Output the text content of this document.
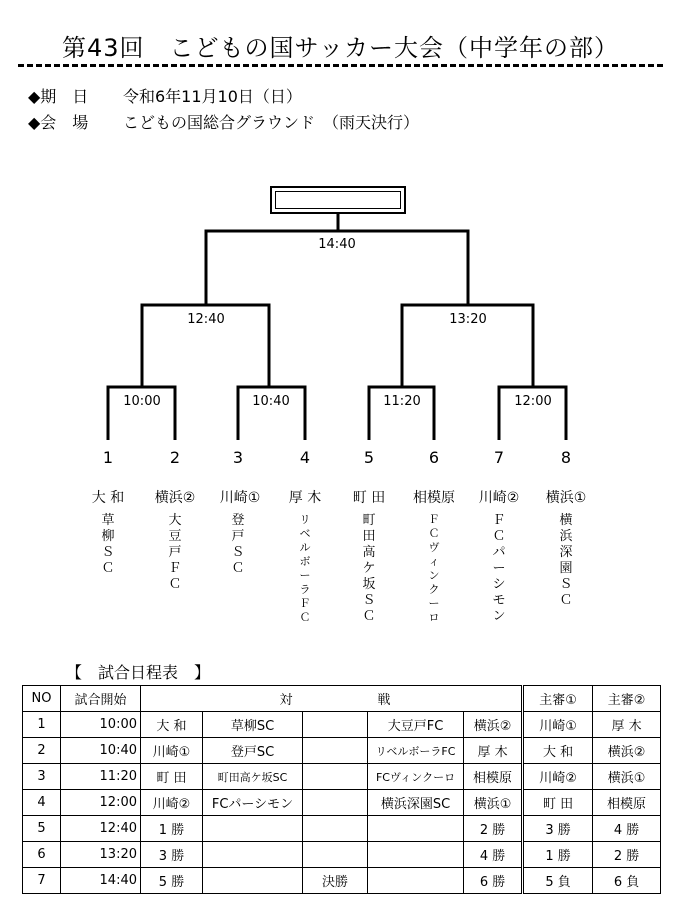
第43回　こどもの国サッカー大会（中学年の部）
◆期　日 令和6年11月10日（日）
◆会　場 こどもの国総合グラウンド　（雨天決行）
14:40
12:40	13:20
10:00	10:40	11:20	12:00
1	2	3	4	5	6	7	8
大 和 横浜② 川崎① 厚 木 町 田 相模原 川崎② 横浜①
草柳ＳＣ
大豆戸ＦＣ
登戸ＳＣ
リベルボーラＦＣ
町田高ケ坂ＳＣ
ＦＣヴィンクーロ
ＦＣパーシモン
横浜深園ＳＣ
【　試合日程表　】
NO	試合開始	対			戦		主審①	主審②
1	10:00	大 和	草柳SC		大豆戸FC	横浜②	川崎①	厚 木
2	10:40	川崎①	登戸SC		リベルボーラFC	厚 木	大 和	横浜②
3	11:20	町 田	町田高ケ坂SC		FCヴィンクーロ	相模原	川崎②	横浜①
4	12:00	川崎②	FCパーシモン		横浜深園SC	横浜①	町 田	相模原
5	12:40	1 勝				2 勝	3 勝	4 勝
6	13:20	3 勝				4 勝	1 勝	2 勝
7	14:40	5 勝		決勝		6 勝	5 負	6 負
